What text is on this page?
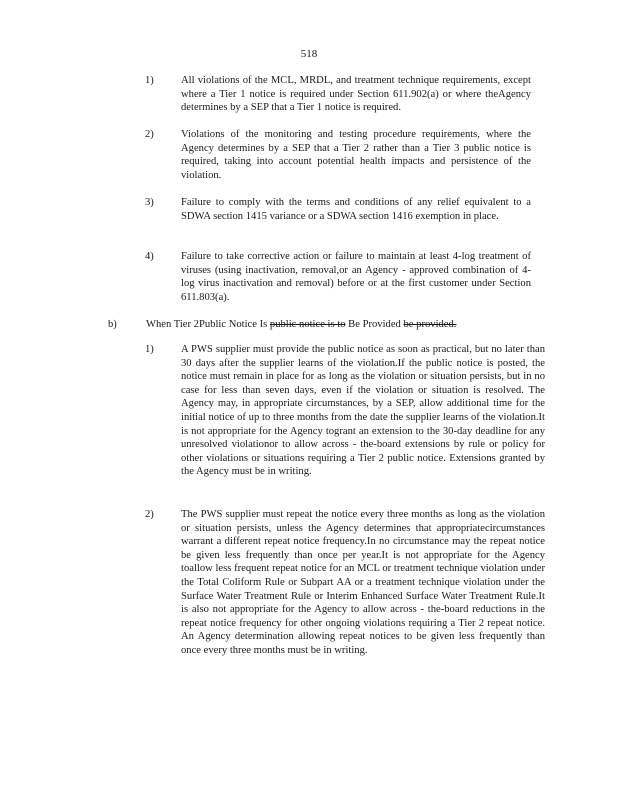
518
1)	All violations of the MCL, MRDL, and treatment technique requirements, except where a Tier 1 notice is required under Section 611.902(a) or where theAgency determines by a SEP that a Tier 1 notice is required.
2)	Violations of the monitoring and testing procedure requirements, where the Agency determines by a SEP that a Tier 2 rather than a Tier 3 public notice is required, taking into account potential health impacts and persistence of the violation.
3)	Failure to comply with the terms and conditions of any relief equivalent to a SDWA section 1415 variance or a SDWA section 1416 exemption in place.
4)	Failure to take corrective action or failure to maintain at least 4-log treatment of viruses (using inactivation, removal,or an Agency - approved combination of 4- log virus inactivation and removal) before or at the first customer under Section 611.803(a).
b)	When Tier 2Public Notice Is public notice is to Be Provided be provided.
1)	A PWS supplier must provide the public notice as soon as practical, but no later than 30 days after the supplier learns of the violation.If the public notice is posted, the notice must remain in place for as long as the violation or situation persists, but in no case for less than seven days, even if the violation or situation is resolved. The Agency may, in appropriate circumstances, by a SEP, allow additional time for the initial notice of up to three months from the date the supplier learns of the violation.It is not appropriate for the Agency togrant an extension to the 30-day deadline for any unresolved violationor to allow across - the-board extensions by rule or policy for other violations or situations requiring a Tier 2 public notice. Extensions granted by the Agency must be in writing.
2)	The PWS supplier must repeat the notice every three months as long as the violation or situation persists, unless the Agency determines that appropriatecircumstances warrant a different repeat notice frequency.In no circumstance may the repeat notice be given less frequently than once per year.It is not appropriate for the Agency toallow less frequent repeat notice for an MCL or treatment technique violation under the Total Coliform Rule or Subpart AA or a treatment technique violation under the Surface Water Treatment Rule or Interim Enhanced Surface Water Treatment Rule.It is also not appropriate for the Agency to allow across - the-board reductions in the repeat notice frequency for other ongoing violations requiring a Tier 2 repeat notice. An Agency determination allowing repeat notices to be given less frequently than once every three months must be in writing.
